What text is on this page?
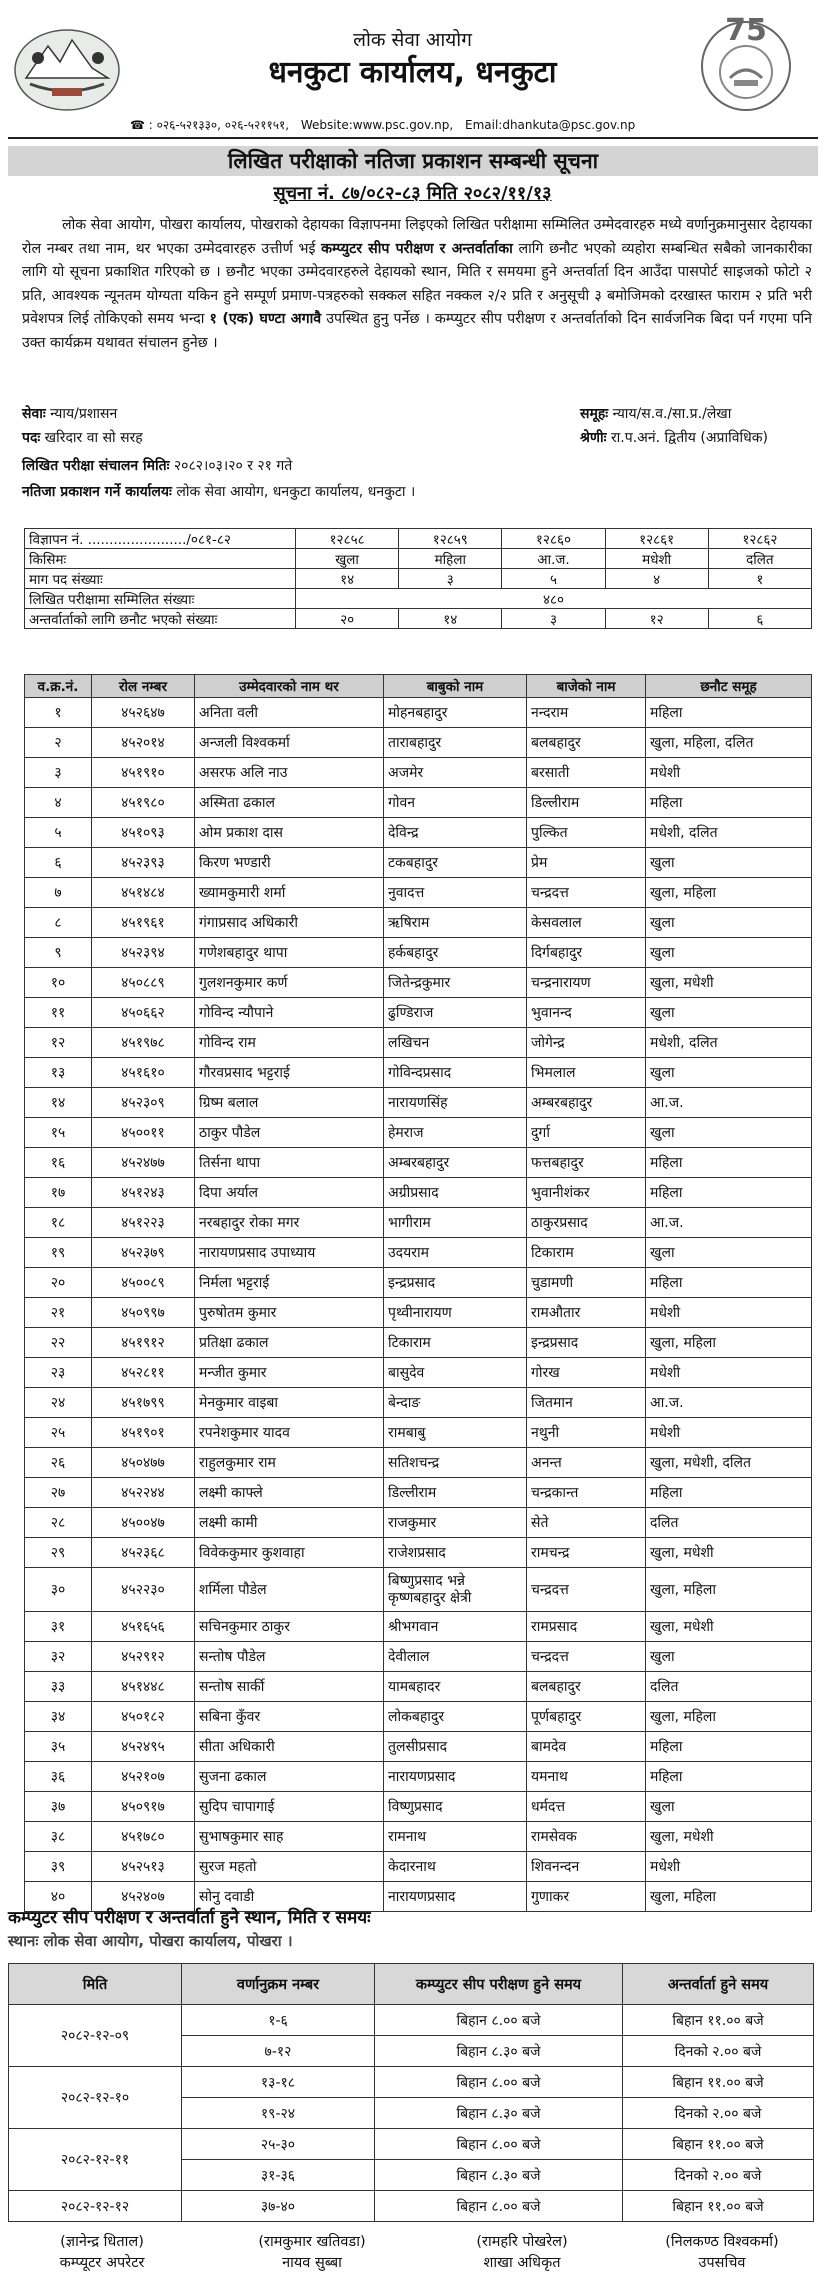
75
लोक सेवा आयोग
धनकुटा कार्यालय, धनकुटा
☎ : ०२६-५२१३३०, ०२६-५२११५१, Website:www.psc.gov.np, Email:dhankuta@psc.gov.np
लिखित परीक्षाको नतिजा प्रकाशन सम्बन्धी सूचना
सूचना नं. ८७/०८२-८३ मिति २०८२/११/१३
लोक सेवा आयोग, पोखरा कार्यालय, पोखराको देहायका विज्ञापनमा लिइएको लिखित परीक्षामा सम्मिलित उम्मेदवारहरु मध्ये वर्णानुक्रमानुसार देहायका रोल नम्बर तथा नाम, थर भएका उम्मेदवारहरु उत्तीर्ण भई कम्प्युटर सीप परीक्षण र अन्तर्वार्ताका लागि छनौट भएको व्यहोरा सम्बन्धित सबैको जानकारीका लागि यो सूचना प्रकाशित गरिएको छ । छनौट भएका उम्मेदवारहरुले देहायको स्थान, मिति र समयमा हुने अन्तर्वार्ता दिन आउँदा पासपोर्ट साइजको फोटो २ प्रति, आवश्यक न्यूनतम योग्यता यकिन हुने सम्पूर्ण प्रमाण-पत्रहरुको सक्कल सहित नक्कल २/२ प्रति र अनुसूची ३ बमोजिमको दरखास्त फाराम २ प्रति भरी प्रवेशपत्र लिई तोकिएको समय भन्दा १ (एक) घण्टा अगावै उपस्थित हुनु पर्नेछ । कम्प्युटर सीप परीक्षण र अन्तर्वार्ताको दिन सार्वजनिक बिदा पर्न गएमा पनि उक्त कार्यक्रम यथावत संचालन हुनेछ ।
सेवाः न्याय/प्रशासन	समूहः न्याय/स.व./सा.प्र./लेखा
पदः खरिदार वा सो सरह	श्रेणीः रा.प.अनं. द्वितीय (अप्राविधिक)
लिखित परीक्षा संचालन मितिः २०८२।०३।२० र २१ गते
नतिजा प्रकाशन गर्ने कार्यालयः लोक सेवा आयोग, धनकुटा कार्यालय, धनकुटा ।
विज्ञापन नं. ......................./०८१-८२	१२८५८	१२८५९	१२८६०	१२८६१	१२८६२
किसिमः	खुला	महिला	आ.ज.	मधेशी	दलित
माग पद संख्याः	१४	३	५	४	१
लिखित परीक्षामा सम्मिलित संख्याः	४८०				
अन्तर्वार्ताको लागि छनौट भएको संख्याः	२०	१४	३	१२	६
व.क्र.नं.	रोल नम्बर	उम्मेदवारको नाम थर	बाबुको नाम	बाजेको नाम	छनौट समूह
१	४५२६४७	अनिता वली	मोहनबहादुर	नन्दराम	महिला
२	४५२०१४	अन्जली विश्वकर्मा	ताराबहादुर	बलबहादुर	खुला, महिला, दलित
३	४५१९१०	असरफ अलि नाउ	अजमेर	बरसाती	मधेशी
४	४५१९८०	अस्मिता ढकाल	गोवन	डिल्लीराम	महिला
५	४५१०९३	ओम प्रकाश दास	देविन्द्र	पुल्कित	मधेशी, दलित
६	४५२३९३	किरण भण्डारी	टकबहादुर	प्रेम	खुला
७	४५१४८४	ख्यामकुमारी शर्मा	नुवादत्त	चन्द्रदत्त	खुला, महिला
८	४५१९६१	गंगाप्रसाद अधिकारी	ऋषिराम	केसवलाल	खुला
९	४५२३९४	गणेशबहादुर थापा	हर्कबहादुर	दिर्गबहादुर	खुला
१०	४५०८८९	गुलशनकुमार कर्ण	जितेन्द्रकुमार	चन्द्रनारायण	खुला, मधेशी
११	४५०६६२	गोविन्द न्यौपाने	ढुण्डिराज	भुवानन्द	खुला
१२	४५१९७८	गोविन्द राम	लखिचन	जोगेन्द्र	मधेशी, दलित
१३	४५१६१०	गौरवप्रसाद भट्टराई	गोविन्दप्रसाद	भिमलाल	खुला
१४	४५२३०९	ग्रिष्म बलाल	नारायणसिंह	अम्बरबहादुर	आ.ज.
१५	४५००११	ठाकुर पौडेल	हेमराज	दुर्गा	खुला
१६	४५२४७७	तिर्सना थापा	अम्बरबहादुर	फत्तबहादुर	महिला
१७	४५१२४३	दिपा अर्याल	अग्रीप्रसाद	भुवानीशंकर	महिला
१८	४५१२२३	नरबहादुर रोका मगर	भागीराम	ठाकुरप्रसाद	आ.ज.
१९	४५२३७९	नारायणप्रसाद उपाध्याय	उदयराम	टिकाराम	खुला
२०	४५००८९	निर्मला भट्टराई	इन्द्रप्रसाद	चुडामणी	महिला
२१	४५०९९७	पुरुषोतम कुमार	पृथ्वीनारायण	रामऔतार	मधेशी
२२	४५१९१२	प्रतिक्षा ढकाल	टिकाराम	इन्द्रप्रसाद	खुला, महिला
२३	४५२८११	मन्जीत कुमार	बासुदेव	गोरख	मधेशी
२४	४५१७९९	मेनकुमार वाइबा	बेन्दाङ	जितमान	आ.ज.
२५	४५१९०१	रपनेशकुमार यादव	रामबाबु	नथुनी	मधेशी
२६	४५०४७७	राहुलकुमार राम	सतिशचन्द्र	अनन्त	खुला, मधेशी, दलित
२७	४५२२४४	लक्ष्मी काफ्ले	डिल्लीराम	चन्द्रकान्त	महिला
२८	४५००४७	लक्ष्मी कामी	राजकुमार	सेते	दलित
२९	४५२३६८	विवेककुमार कुशवाहा	राजेशप्रसाद	रामचन्द्र	खुला, मधेशी
३०	४५२२३०	शर्मिला पौडेल	बिष्णुप्रसाद भन्ने कृष्णबहादुर क्षेत्री	चन्द्रदत्त	खुला, महिला
३१	४५१६५६	सचिनकुमार ठाकुर	श्रीभगवान	रामप्रसाद	खुला, मधेशी
३२	४५२९१२	सन्तोष पौडेल	देवीलाल	चन्द्रदत्त	खुला
३३	४५१४४८	सन्तोष सार्की	यामबहादर	बलबहादुर	दलित
३४	४५०१८२	सबिना कुँवर	लोकबहादुर	पूर्णबहादुर	खुला, महिला
३५	४५२४९५	सीता अधिकारी	तुलसीप्रसाद	बामदेव	महिला
३६	४५२१०७	सुजना ढकाल	नारायणप्रसाद	यमनाथ	महिला
३७	४५०९१७	सुदिप चापागाई	विष्णुप्रसाद	धर्मदत्त	खुला
३८	४५१७८०	सुभाषकुमार साह	रामनाथ	रामसेवक	खुला, मधेशी
३९	४५२५१३	सुरज महतो	केदारनाथ	शिवनन्दन	मधेशी
४०	४५२४०७	सोनु दवाडी	नारायणप्रसाद	गुणाकर	खुला, महिला
कम्प्युटर सीप परीक्षण र अन्तर्वार्ता हुने स्थान, मिति र समयः
स्थानः लोक सेवा आयोग, पोखरा कार्यालय, पोखरा ।
मिति	वर्णानुक्रम नम्बर	कम्प्युटर सीप परीक्षण हुने समय	अन्तर्वार्ता हुने समय
२०८२-१२-०९	१-६	बिहान ८.०० बजे	बिहान ११.०० बजे
	७-१२	बिहान ८.३० बजे	दिनको २.०० बजे
२०८२-१२-१०	१३-१८	बिहान ८.०० बजे	बिहान ११.०० बजे
	१९-२४	बिहान ८.३० बजे	दिनको २.०० बजे
२०८२-१२-११	२५-३०	बिहान ८.०० बजे	बिहान ११.०० बजे
	३१-३६	बिहान ८.३० बजे	दिनको २.०० बजे
२०८२-१२-१२	३७-४०	बिहान ८.०० बजे	बिहान ११.०० बजे
(ज्ञानेन्द्र धिताल)
कम्प्यूटर अपरेटर
(रामकुमार खतिवडा)
नायव सुब्बा
(रामहरि पोखरेल)
शाखा अधिकृत
(निलकण्ठ विश्वकर्मा)
उपसचिव
